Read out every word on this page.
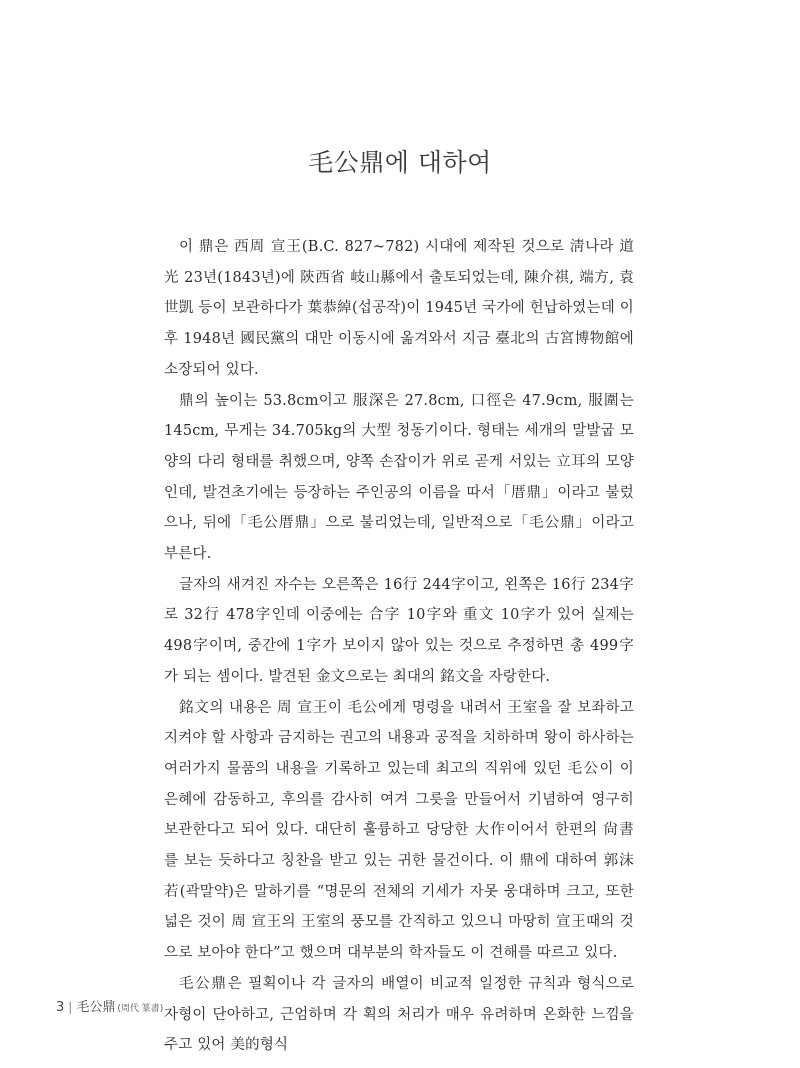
毛公鼎에 대하여

이 鼎은 西周 宣王(B.C. 827~782) 시대에 제작된 것으로 淸나라 道光 23년(1843년)에 陝西省 岐山縣에서 출토되었는데, 陳介祺, 端方, 袁世凱 등이 보관하다가 葉恭綽(섭공작)이 1945년 국가에 헌납하였는데 이후 1948년 國民黨의 대만 이동시에 옮겨와서 지금 臺北의 古宮博物館에 소장되어 있다.

鼎의 높이는 53.8cm이고 服深은 27.8cm, 口徑은 47.9cm, 服圍는 145cm, 무게는 34.705kg의 大型 청동기이다. 형태는 세개의 말발굽 모양의 다리 형태를 취했으며, 양쪽 손잡이가 위로 곧게 서있는 立耳의 모양인데, 발견초기에는 등장하는 주인공의 이름을 따서「厝鼎」이라고 불렀으나, 뒤에「毛公厝鼎」으로 불리었는데, 일반적으로「毛公鼎」이라고 부른다.

글자의 새겨진 자수는 오른쪽은 16行 244字이고, 왼쪽은 16行 234字로 32行 478字인데 이중에는 合字 10字와 重文 10字가 있어 실제는 498字이며, 중간에 1字가 보이지 않아 있는 것으로 추정하면 총 499字가 되는 셈이다. 발견된 金文으로는 최대의 銘文을 자랑한다.

銘文의 내용은 周 宣王이 毛公에게 명령을 내려서 王室을 잘 보좌하고 지켜야 할 사항과 금지하는 권고의 내용과 공적을 치하하며 왕이 하사하는 여러가지 물품의 내용을 기록하고 있는데 최고의 직위에 있던 毛公이 이 은혜에 감동하고, 후의를 감사히 여겨 그릇을 만들어서 기념하여 영구히 보관한다고 되어 있다. 대단히 훌륭하고 당당한 大作이어서 한편의 尙書를 보는 듯하다고 칭찬을 받고 있는 귀한 물건이다. 이 鼎에 대하여 郭沫若(곽말약)은 말하기를 “명문의 전체의 기세가 자못 웅대하며 크고, 또한 넓은 것이 周 宣王의 王室의 풍모를 간직하고 있으니 마땅히 宣王때의 것으로 보아야 한다”고 했으며 대부분의 학자들도 이 견해를 따르고 있다.

毛公鼎은 필획이나 각 글자의 배열이 비교적 일정한 규칙과 형식으로 자형이 단아하고, 근엄하며 각 획의 처리가 매우 유려하며 온화한 느낌을 주고 있어 美的형식

3 | 毛公鼎 (周代 篆書)
